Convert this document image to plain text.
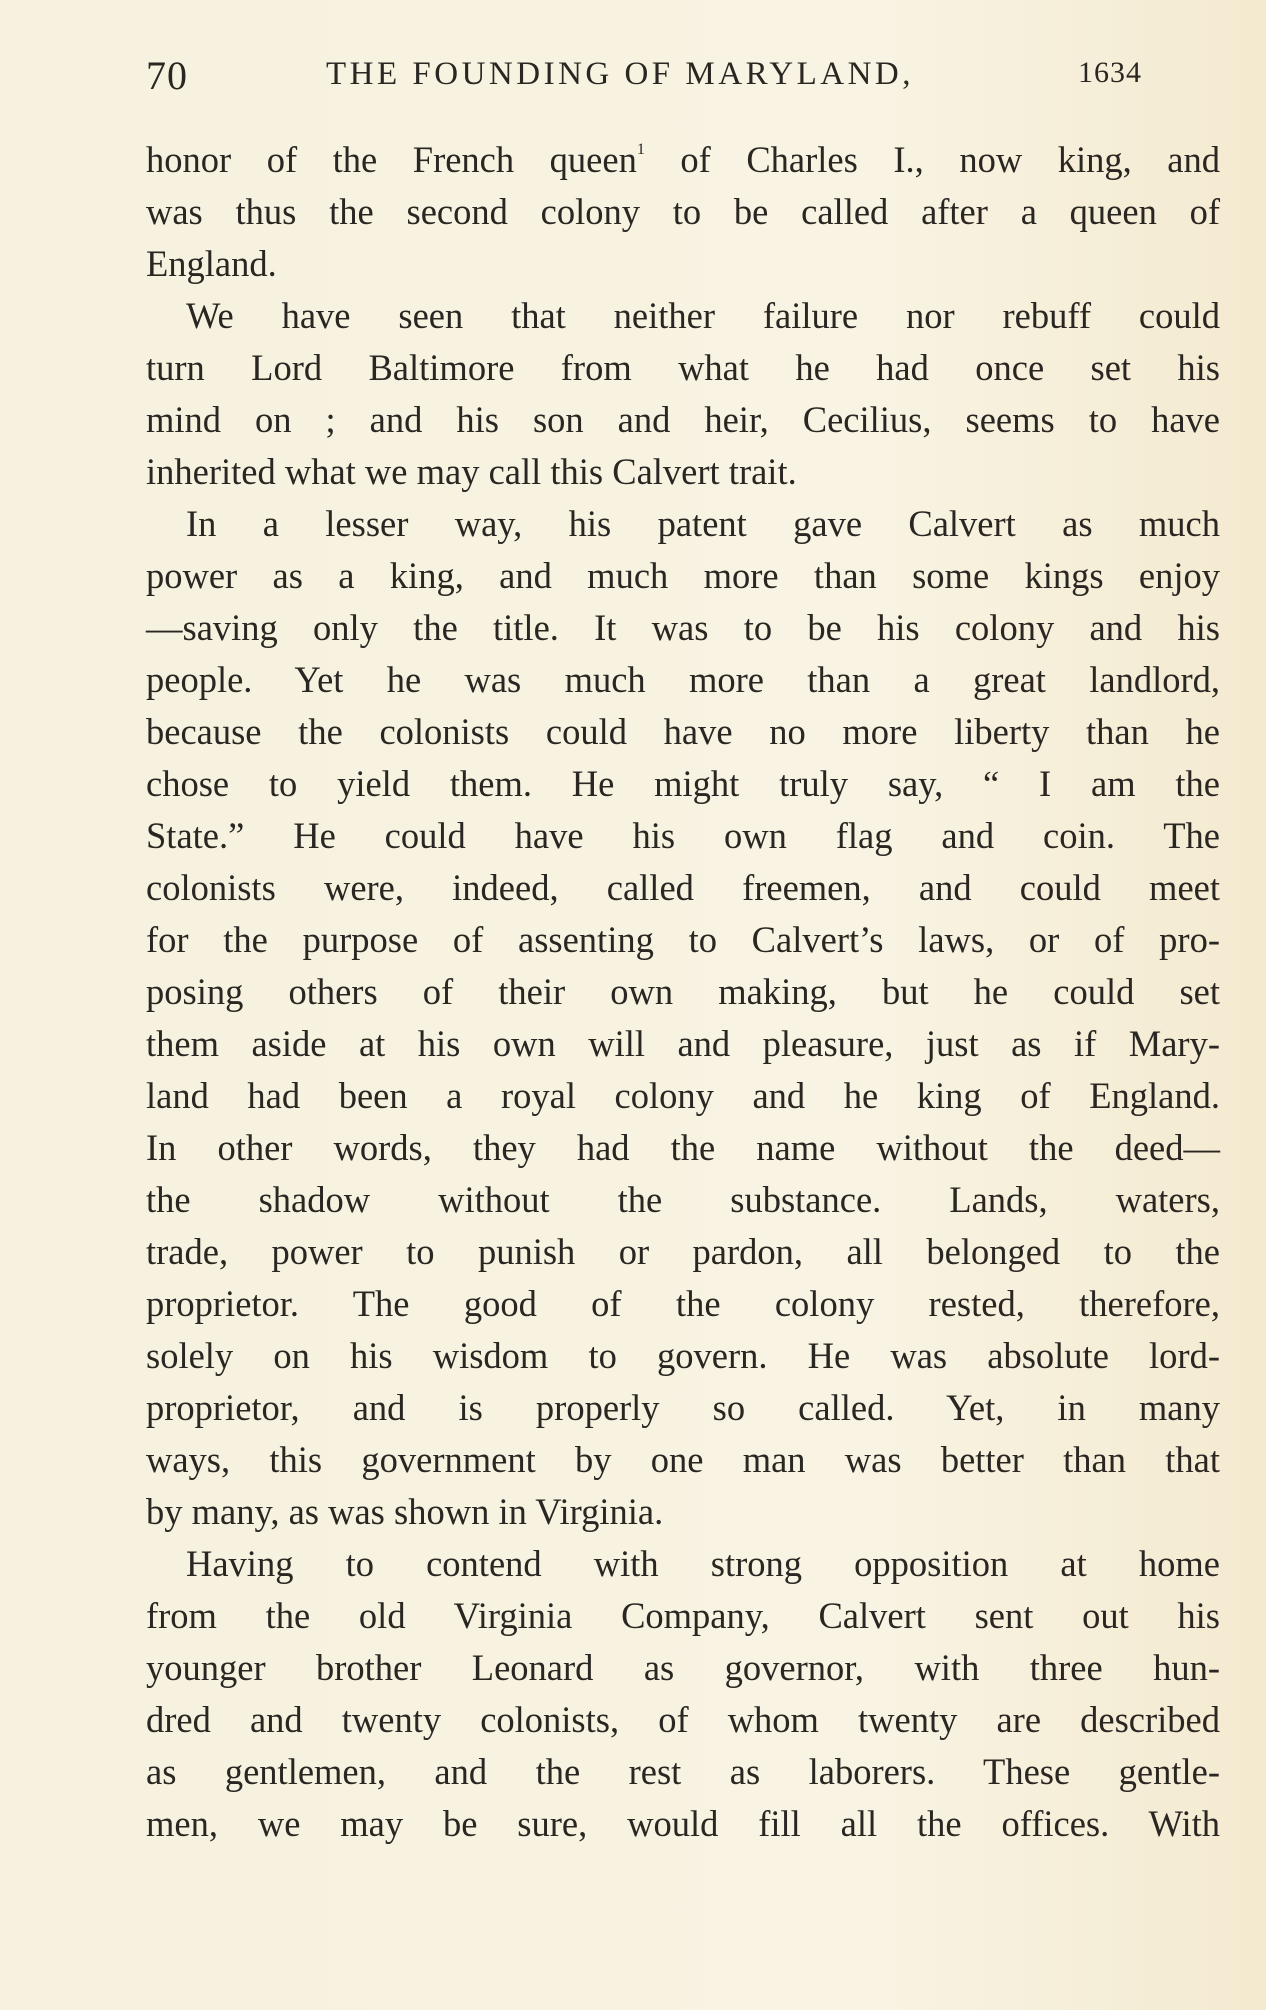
70	THE FOUNDING OF MARYLAND,	1634

honor of the French queen$^1$ of Charles I., now king, and

was thus the second colony to be called after a queen of

England.

We have seen that neither failure nor rebuff could

turn Lord Baltimore from what he had once set his

mind on ; and his son and heir, Cecilius, seems to have

inherited what we may call this Calvert trait.

In a lesser way, his patent gave Calvert as much

power as a king, and much more than some kings enjoy

—saving only the title. It was to be his colony and his

people. Yet he was much more than a great landlord,

because the colonists could have no more liberty than he

chose to yield them. He might truly say, “ I am the

State.” He could have his own flag and coin. The

colonists were, indeed, called freemen, and could meet

for the purpose of assenting to Calvert’s laws, or of pro-

posing others of their own making, but he could set

them aside at his own will and pleasure, just as if Mary-

land had been a royal colony and he king of England.

In other words, they had the name without the deed—

the shadow without the substance. Lands, waters,

trade, power to punish or pardon, all belonged to the

proprietor. The good of the colony rested, therefore,

solely on his wisdom to govern. He was absolute lord-

proprietor, and is properly so called. Yet, in many

ways, this government by one man was better than that

by many, as was shown in Virginia.

Having to contend with strong opposition at home

from the old Virginia Company, Calvert sent out his

younger brother Leonard as governor, with three hun-

dred and twenty colonists, of whom twenty are described

as gentlemen, and the rest as laborers. These gentle-

men, we may be sure, would fill all the offices. With
